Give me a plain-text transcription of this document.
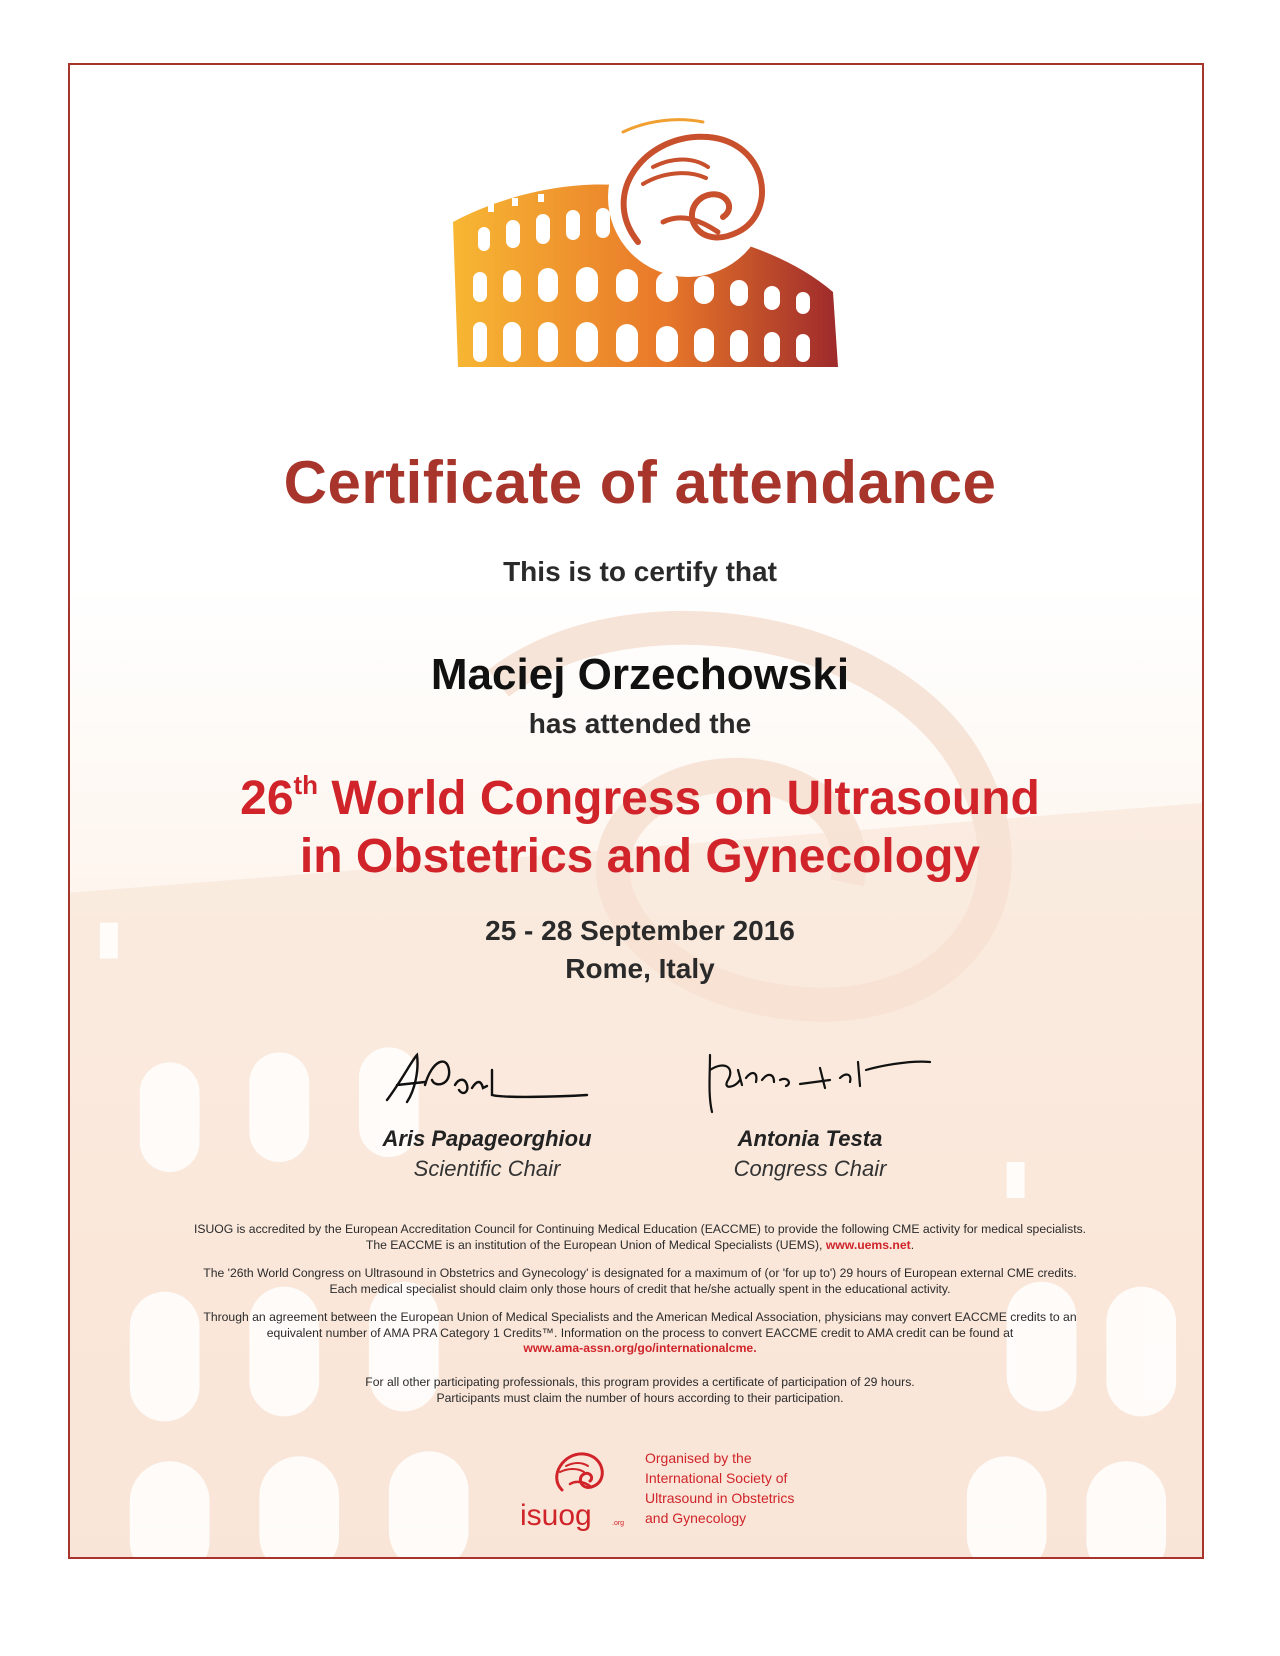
Certificate of attendance
This is to certify that
Maciej Orzechowski
has attended the
26th World Congress on Ultrasound
in Obstetrics and Gynecology
25 - 28 September 2016
Rome, Italy
Aris Papageorghiou
Scientific Chair
Antonia Testa
Congress Chair
ISUOG is accredited by the European Accreditation Council for Continuing Medical Education (EACCME) to provide the following CME activity for medical specialists.
The EACCME is an institution of the European Union of Medical Specialists (UEMS), www.uems.net.
The '26th World Congress on Ultrasound in Obstetrics and Gynecology' is designated for a maximum of (or 'for up to') 29 hours of European external CME credits.
Each medical specialist should claim only those hours of credit that he/she actually spent in the educational activity.
Through an agreement between the European Union of Medical Specialists and the American Medical Association, physicians may convert EACCME credits to an
equivalent number of AMA PRA Category 1 Credits™. Information on the process to convert EACCME credit to AMA credit can be found at
www.ama-assn.org/go/internationalcme.
For all other participating professionals, this program provides a certificate of participation of 29 hours.
Participants must claim the number of hours according to their participation.
isuog	.org
Organised by the
International Society of
Ultrasound in Obstetrics
and Gynecology
